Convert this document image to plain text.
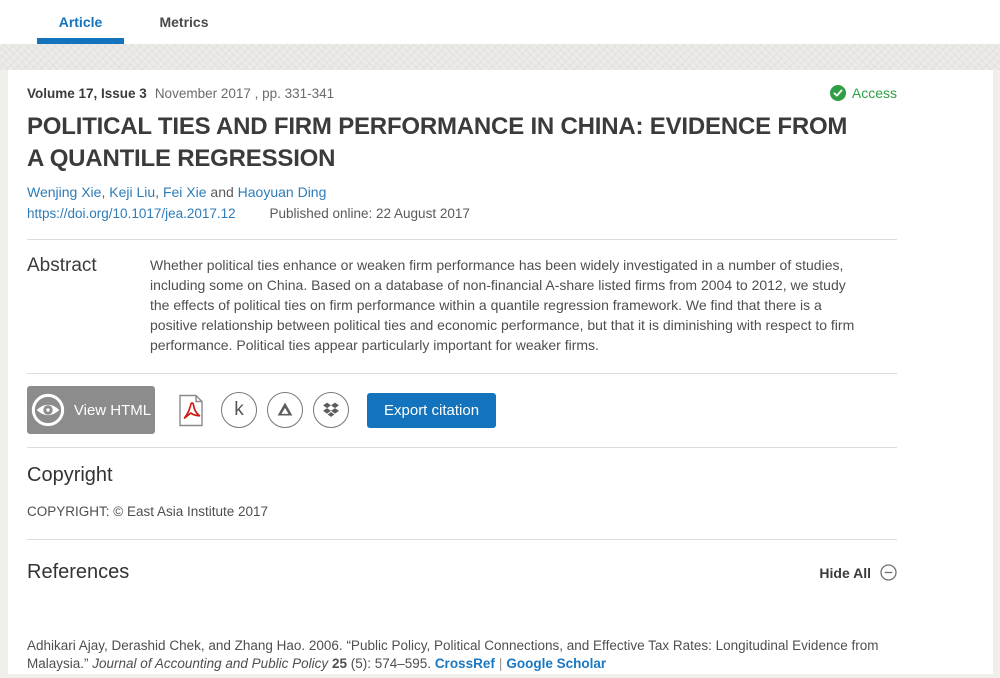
Article	Metrics
Volume 17, Issue 3 November 2017 , pp. 331-341	Access
POLITICAL TIES AND FIRM PERFORMANCE IN CHINA: EVIDENCE FROM A QUANTILE REGRESSION
Wenjing Xie, Keji Liu, Fei Xie and Haoyuan Ding
https://doi.org/10.1017/jea.2017.12	Published online: 22 August 2017
Abstract	Whether political ties enhance or weaken firm performance has been widely investigated in a number of studies, including some on China. Based on a database of non-financial A-share listed firms from 2004 to 2012, we study the effects of political ties on firm performance within a quantile regression framework. We find that there is a positive relationship between political ties and economic performance, but that it is diminishing with respect to firm performance. Political ties appear particularly important for weaker firms.
View HTML	k	Export citation
Copyright
COPYRIGHT: © East Asia Institute 2017
References	Hide All
Adhikari Ajay, Derashid Chek, and Zhang Hao. 2006. “Public Policy, Political Connections, and Effective Tax Rates: Longitudinal Evidence from Malaysia.” Journal of Accounting and Public Policy 25 (5): 574–595. CrossRef | Google Scholar
